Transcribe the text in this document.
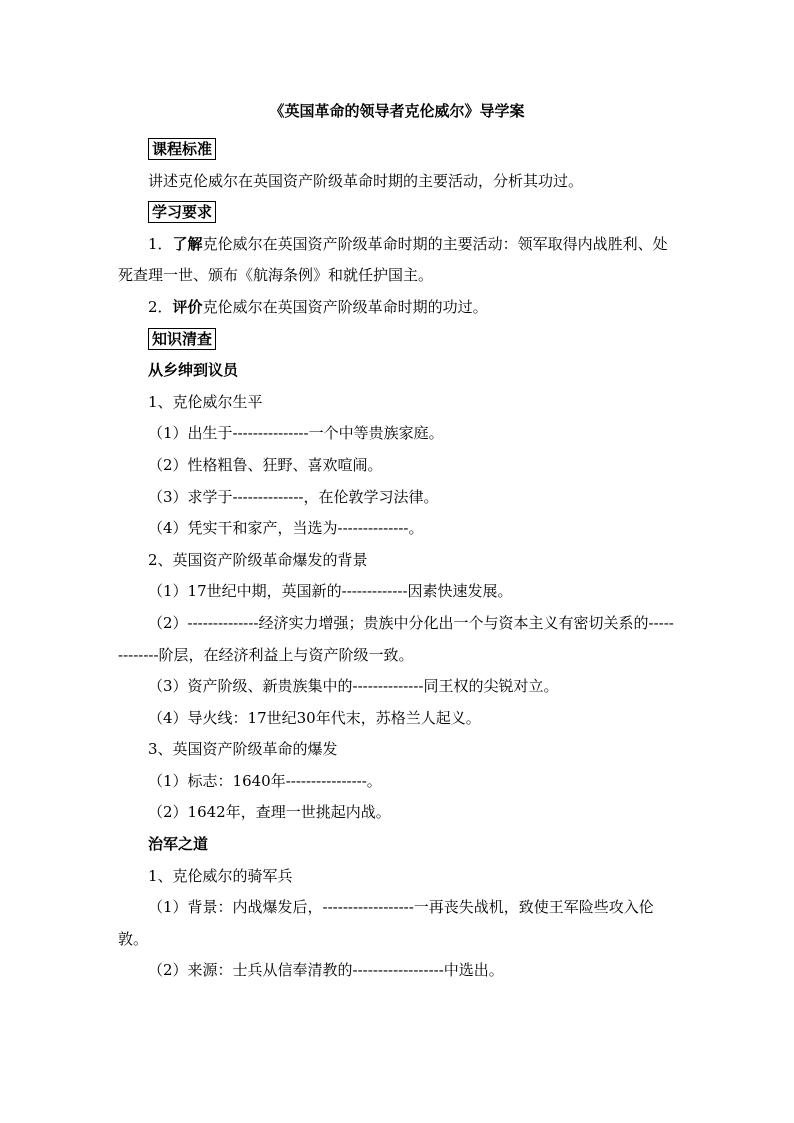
《英国革命的领导者克伦威尔》导学案
课程标准
讲述克伦威尔在英国资产阶级革命时期的主要活动，分析其功过。
学习要求
1．了解克伦威尔在英国资产阶级革命时期的主要活动：领军取得内战胜利、处死查理一世、颁布《航海条例》和就任护国主。
2．评价克伦威尔在英国资产阶级革命时期的功过。
知识清查
从乡绅到议员
1、克伦威尔生平
（1）出生于---------------一个中等贵族家庭。
（2）性格粗鲁、狂野、喜欢喧闹。
（3）求学于--------------，在伦敦学习法律。
（4）凭实干和家产，当选为--------------。
2、英国资产阶级革命爆发的背景
（1）17世纪中期，英国新的-------------因素快速发展。
（2）--------------经济实力增强；贵族中分化出一个与资本主义有密切关系的-------------阶层，在经济利益上与资产阶级一致。
（3）资产阶级、新贵族集中的--------------同王权的尖锐对立。
（4）导火线：17世纪30年代末，苏格兰人起义。
3、英国资产阶级革命的爆发
（1）标志：1640年----------------。
（2）1642年，查理一世挑起内战。
治军之道
1、克伦威尔的骑军兵
（1）背景：内战爆发后，------------------一再丧失战机，致使王军险些攻入伦敦。
（2）来源：士兵从信奉清教的------------------中选出。
